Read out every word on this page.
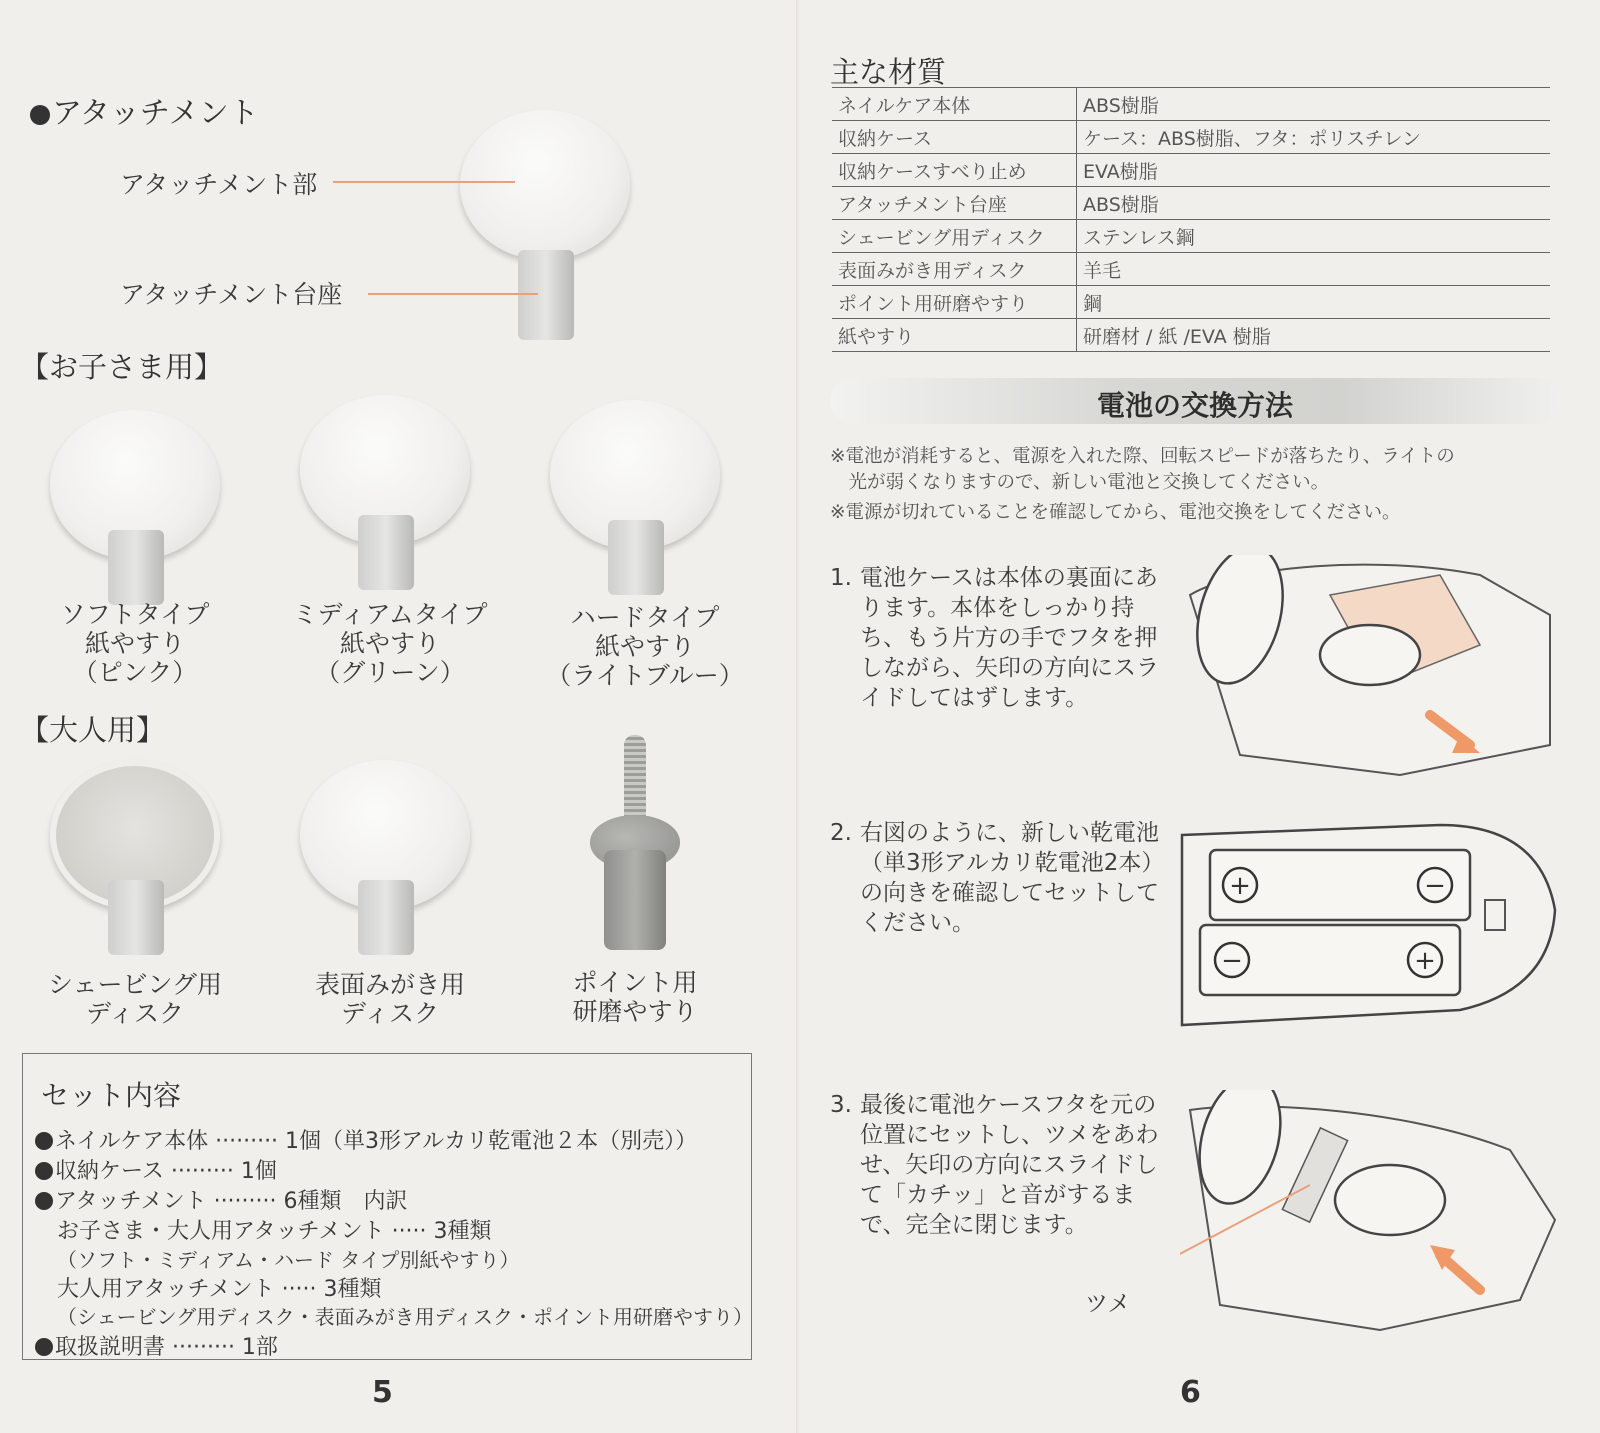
アタッチメント
アタッチメント部
アタッチメント台座
【お子さま用】
ソフトタイプ
紙やすり
（ピンク）
ミディアムタイプ
紙やすり
（グリーン）
ハードタイプ
紙やすり
（ライトブルー）
【大人用】
シェービング用
ディスク
表面みがき用
ディスク
ポイント用
研磨やすり
セット内容
ネイルケア本体 ········· 1個（単3形アルカリ乾電池２本（別売））
収納ケース ········· 1個
アタッチメント ········· 6種類　内訳
お子さま・大人用アタッチメント ····· 3種類
（ソフト・ミディアム・ハード タイプ別紙やすり）
大人用アタッチメント ····· 3種類
（シェービング用ディスク・表面みがき用ディスク・ポイント用研磨やすり）
取扱説明書 ········· 1部
5
主な材質
ネイルケア本体	ABS樹脂
収納ケース	ケース：ABS樹脂、フタ：ポリスチレン
収納ケースすべり止め	EVA樹脂
アタッチメント台座	ABS樹脂
シェービング用ディスク	ステンレス鋼
表面みがき用ディスク	羊毛
ポイント用研磨やすり	鋼
紙やすり	研磨材 / 紙 /EVA 樹脂
電池の交換方法
※電池が消耗すると、電源を入れた際、回転スピードが落ちたり、ライトの
　光が弱くなりますので、新しい電池と交換してください。
※電源が切れていることを確認してから、電池交換をしてください。
1. 電池ケースは本体の裏面にあります。本体をしっかり持ち、もう片方の手でフタを押しながら、矢印の方向にスライドしてはずします。
2. 右図のように、新しい乾電池（単3形アルカリ乾電池2本）の向きを確認してセットしてください。
3. 最後に電池ケースフタを元の位置にセットし、ツメをあわせ、矢印の方向にスライドして「カチッ」と音がするまで、完全に閉じます。
+	−
−	+
ツメ
6
